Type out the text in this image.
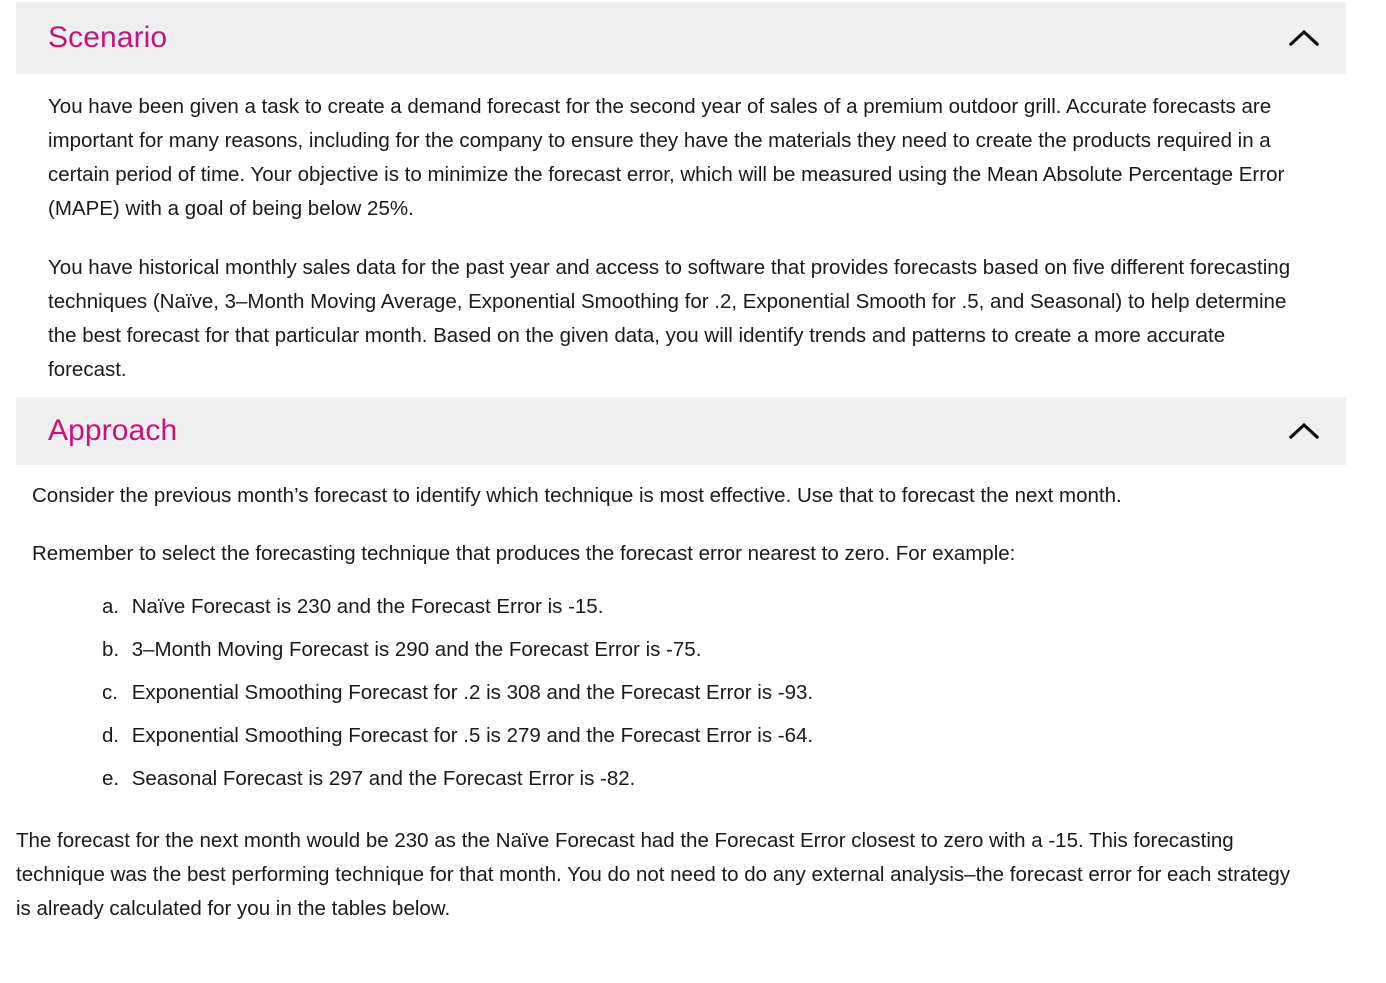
Scenario

You have been given a task to create a demand forecast for the second year of sales of a premium outdoor grill. Accurate forecasts are important for many reasons, including for the company to ensure they have the materials they need to create the products required in a certain period of time. Your objective is to minimize the forecast error, which will be measured using the Mean Absolute Percentage Error (MAPE) with a goal of being below 25%.

You have historical monthly sales data for the past year and access to software that provides forecasts based on five different forecasting techniques (Naïve, 3–Month Moving Average, Exponential Smoothing for .2, Exponential Smooth for .5, and Seasonal) to help determine the best forecast for that particular month. Based on the given data, you will identify trends and patterns to create a more accurate forecast.

Approach

Consider the previous month’s forecast to identify which technique is most effective. Use that to forecast the next month.

Remember to select the forecasting technique that produces the forecast error nearest to zero. For example:

a. Naïve Forecast is 230 and the Forecast Error is -15.
b. 3–Month Moving Forecast is 290 and the Forecast Error is -75.
c. Exponential Smoothing Forecast for .2 is 308 and the Forecast Error is -93.
d. Exponential Smoothing Forecast for .5 is 279 and the Forecast Error is -64.
e. Seasonal Forecast is 297 and the Forecast Error is -82.

The forecast for the next month would be 230 as the Naïve Forecast had the Forecast Error closest to zero with a -15. This forecasting technique was the best performing technique for that month. You do not need to do any external analysis–the forecast error for each strategy is already calculated for you in the tables below.
